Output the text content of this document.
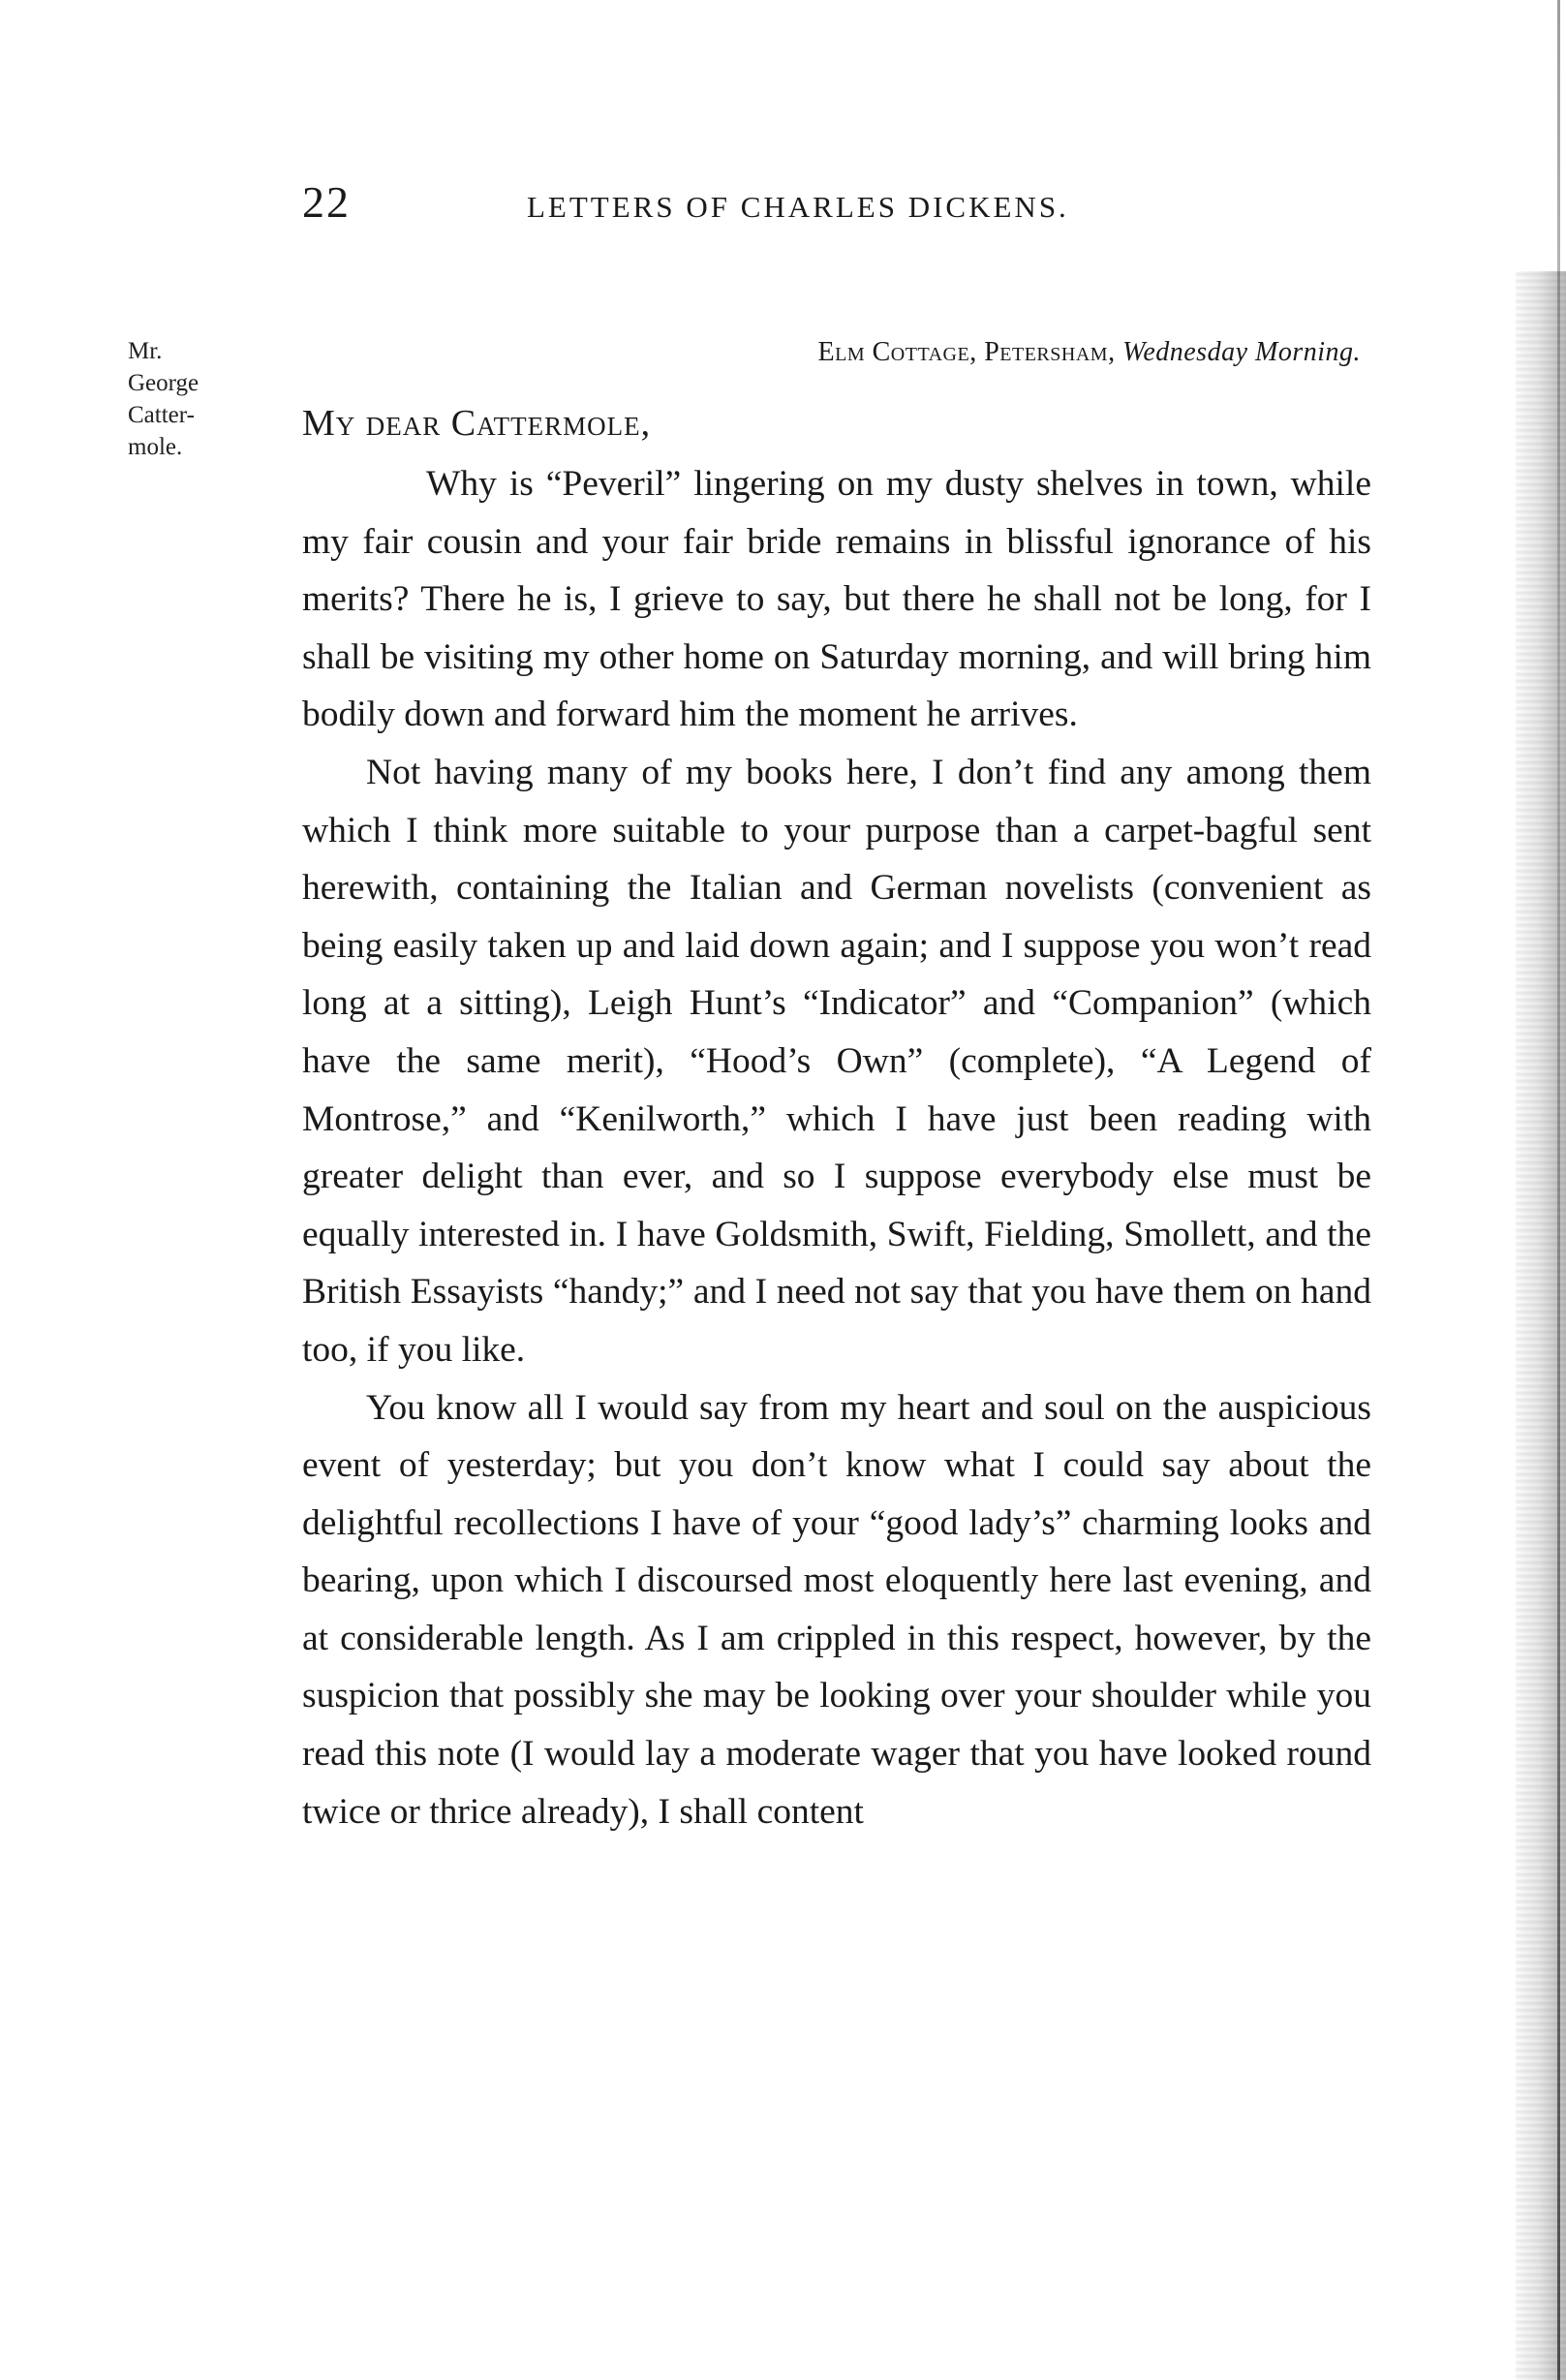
22	LETTERS OF CHARLES DICKENS.
Mr.
George
Catter-
mole.
Elm Cottage, Petersham, Wednesday Morning.
My dear Cattermole,

Why is “Peveril” lingering on my dusty shelves in town, while my fair cousin and your fair bride remains in blissful ignorance of his merits? There he is, I grieve to say, but there he shall not be long, for I shall be visiting my other home on Saturday morning, and will bring him bodily down and forward him the moment he arrives.

Not having many of my books here, I don’t find any among them which I think more suitable to your purpose than a carpet-bagful sent herewith, containing the Italian and German novelists (convenient as being easily taken up and laid down again; and I suppose you won’t read long at a sitting), Leigh Hunt’s “Indicator” and “Companion” (which have the same merit), “Hood’s Own” (complete), “A Legend of Montrose,” and “Kenilworth,” which I have just been reading with greater delight than ever, and so I suppose everybody else must be equally interested in. I have Goldsmith, Swift, Fielding, Smollett, and the British Essayists “handy;” and I need not say that you have them on hand too, if you like.

You know all I would say from my heart and soul on the auspicious event of yesterday; but you don’t know what I could say about the delightful recollections I have of your “good lady’s” charming looks and bearing, upon which I discoursed most eloquently here last evening, and at considerable length. As I am crippled in this respect, however, by the suspicion that possibly she may be looking over your shoulder while you read this note (I would lay a moderate wager that you have looked round twice or thrice already), I shall content
